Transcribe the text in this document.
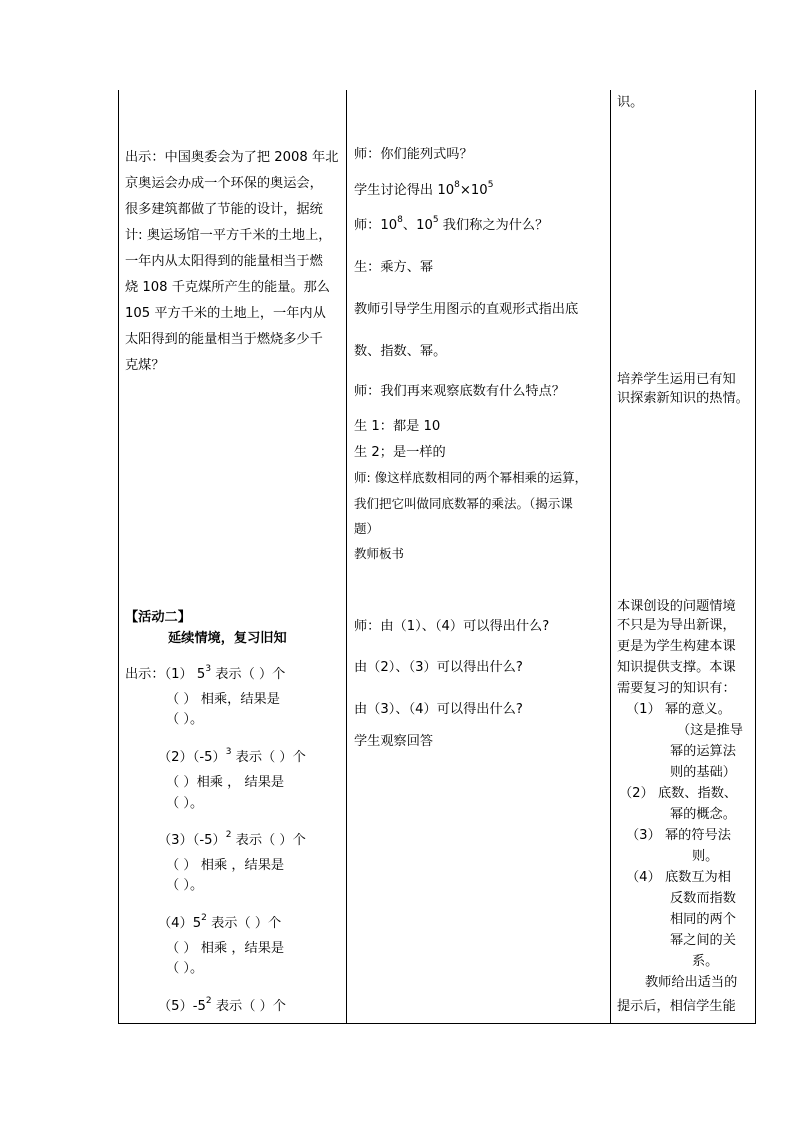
出示：中国奥委会为了把 2008 年北
京奥运会办成一个环保的奥运会，
很多建筑都做了节能的设计，据统
计: 奥运场馆一平方千米的土地上，
一年内从太阳得到的能量相当于燃
烧 108 千克煤所产生的能量。那么
105 平方千米的土地上，一年内从
太阳得到的能量相当于燃烧多少千
克煤？
【活动二】
延续情境，复习旧知
出示：（1） $5^3$ 表示（ ）个
（ ） 相乘，结果是
（ ）。
$(2)(-5)^3$ 表示（ ）个
（ ）相乘 ， 结果是
（ ）。
$(3)(-5)^2$ 表示（ ）个
（ ） 相乘 ，结果是
（ ）。
$(4)5^2$ 表示（ ）个
（ ） 相乘 ，结果是
（ ）。
$(5)-5^2$ 表示（ ）个
师：你们能列式吗？
学生讨论得出 $10^8\times 10^5$
师：$10^8$、$10^5$ 我们称之为什么？
生：乘方、幂
教师引导学生用图示的直观形式指出底
数、指数、幂。
师：我们再来观察底数有什么特点？
生 1：都是 10
生 2；是一样的
师: 像这样底数相同的两个幂相乘的运算，
我们把它叫做同底数幂的乘法。（揭示课
题）
教师板书
师：由（1）、（4）可以得出什么?
由（2）、（3）可以得出什么?
由（3）、（4）可以得出什么?
学生观察回答
识。
培养学生运用已有知
识探索新知识的热情。
本课创设的问题情境
不只是为导出新课，
更是为学生构建本课
知识提供支撑。本课
需要复习的知识有：
（1） 幂的意义。
（这是推导
幂的运算法
则的基础）
（2） 底数、指数、
幂的概念。
（3） 幂的符号法
则。
（4） 底数互为相
反数而指数
相同的两个
幂之间的关
系。
教师给出适当的
提示后，相信学生能
